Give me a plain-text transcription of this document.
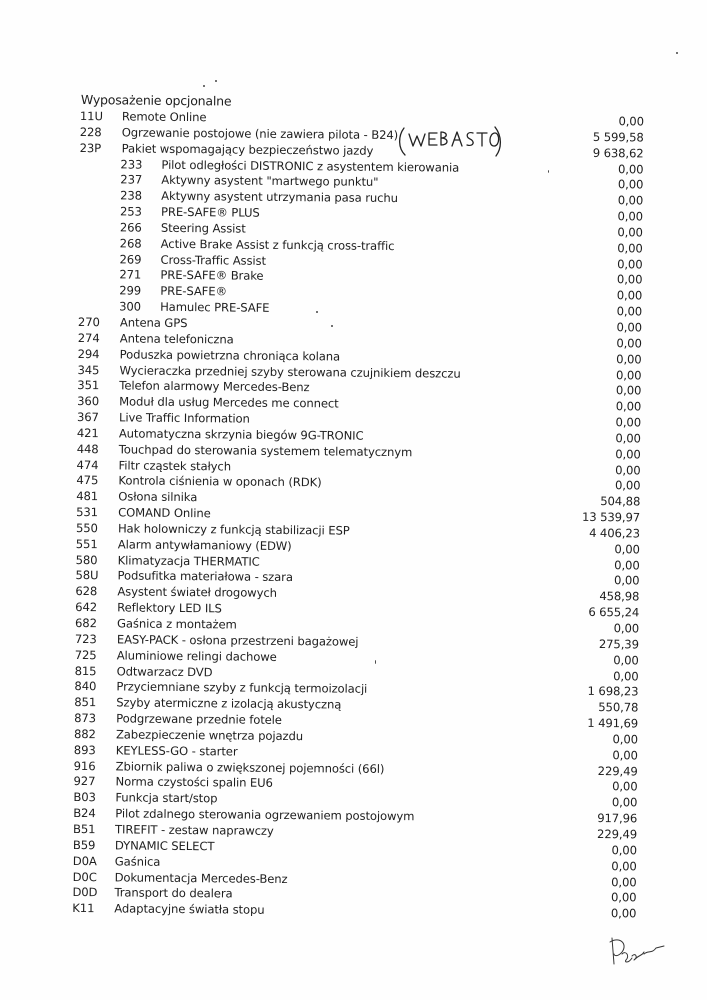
Wyposażenie opcjonalne
11U Remote Online	0,00
228 Ogrzewanie postojowe (nie zawiera pilota - B24)	5 599,58
23P Pakiet wspomagający bezpieczeństwo jazdy	9 638,62
233 Pilot odległości DISTRONIC z asystentem kierowania	0,00
237 Aktywny asystent "martwego punktu"	0,00
238 Aktywny asystent utrzymania pasa ruchu	0,00
253 PRE-SAFE® PLUS	0,00
266 Steering Assist	0,00
268 Active Brake Assist z funkcją cross-traffic	0,00
269 Cross-Traffic Assist	0,00
271 PRE-SAFE® Brake	0,00
299 PRE-SAFE®	0,00
300 Hamulec PRE-SAFE	0,00
270 Antena GPS	0,00
274 Antena telefoniczna	0,00
294 Poduszka powietrzna chroniąca kolana	0,00
345 Wycieraczka przedniej szyby sterowana czujnikiem deszczu	0,00
351 Telefon alarmowy Mercedes-Benz	0,00
360 Moduł dla usług Mercedes me connect	0,00
367 Live Traffic Information	0,00
421 Automatyczna skrzynia biegów 9G-TRONIC	0,00
448 Touchpad do sterowania systemem telematycznym	0,00
474 Filtr cząstek stałych	0,00
475 Kontrola ciśnienia w oponach (RDK)	0,00
481 Osłona silnika	504,88
531 COMAND Online	13 539,97
550 Hak holowniczy z funkcją stabilizacji ESP	4 406,23
551 Alarm antywłamaniowy (EDW)	0,00
580 Klimatyzacja THERMATIC	0,00
58U Podsufitka materiałowa - szara	0,00
628 Asystent świateł drogowych	458,98
642 Reflektory LED ILS	6 655,24
682 Gaśnica z montażem	0,00
723 EASY-PACK - osłona przestrzeni bagażowej	275,39
725 Aluminiowe relingi dachowe	0,00
815 Odtwarzacz DVD	0,00
840 Przyciemniane szyby z funkcją termoizolacji	1 698,23
851 Szyby atermiczne z izolacją akustyczną	550,78
873 Podgrzewane przednie fotele	1 491,69
882 Zabezpieczenie wnętrza pojazdu	0,00
893 KEYLESS-GO - starter	0,00
916 Zbiornik paliwa o zwiększonej pojemności (66l)	229,49
927 Norma czystości spalin EU6	0,00
B03 Funkcja start/stop	0,00
B24 Pilot zdalnego sterowania ogrzewaniem postojowym	917,96
B51 TIREFIT - zestaw naprawczy	229,49
B59 DYNAMIC SELECT	0,00
D0A Gaśnica	0,00
D0C Dokumentacja Mercedes-Benz	0,00
D0D Transport do dealera	0,00
K11 Adaptacyjne światła stopu	0,00
